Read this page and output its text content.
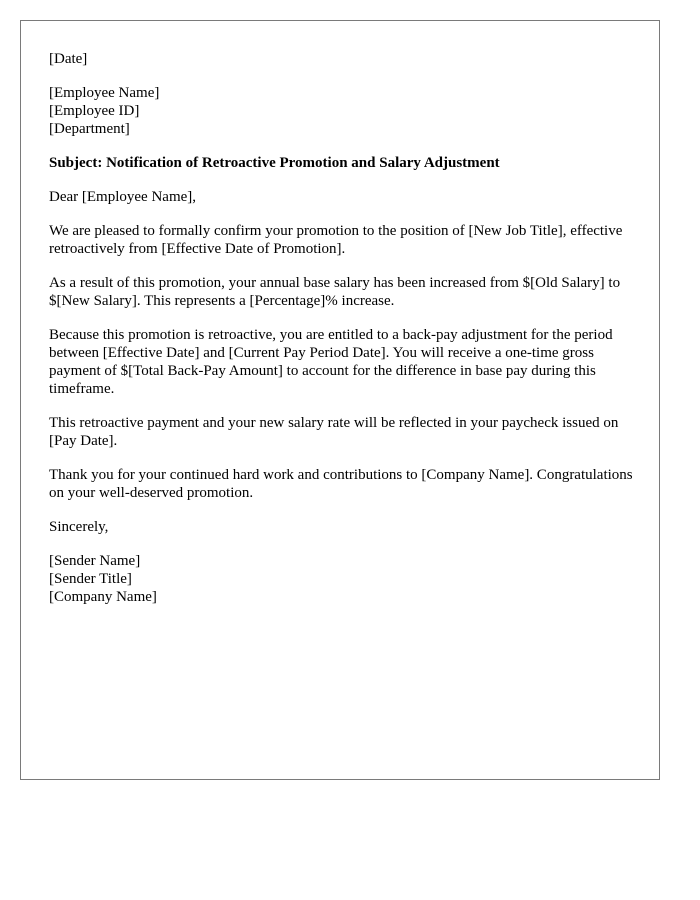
[Date]

[Employee Name]

[Employee ID]

[Department]

Subject: Notification of Retroactive Promotion and Salary Adjustment

Dear [Employee Name],

We are pleased to formally confirm your promotion to the position of [New Job Title], effective retroactively from [Effective Date of Promotion].

As a result of this promotion, your annual base salary has been increased from $[Old Salary] to $[New Salary]. This represents a [Percentage]% increase.

Because this promotion is retroactive, you are entitled to a back-pay adjustment for the period between [Effective Date] and [Current Pay Period Date]. You will receive a one-time gross payment of $[Total Back-Pay Amount] to account for the difference in base pay during this timeframe.

This retroactive payment and your new salary rate will be reflected in your paycheck issued on [Pay Date].

Thank you for your continued hard work and contributions to [Company Name]. Congratulations on your well-deserved promotion.

Sincerely,

[Sender Name]

[Sender Title]

[Company Name]
